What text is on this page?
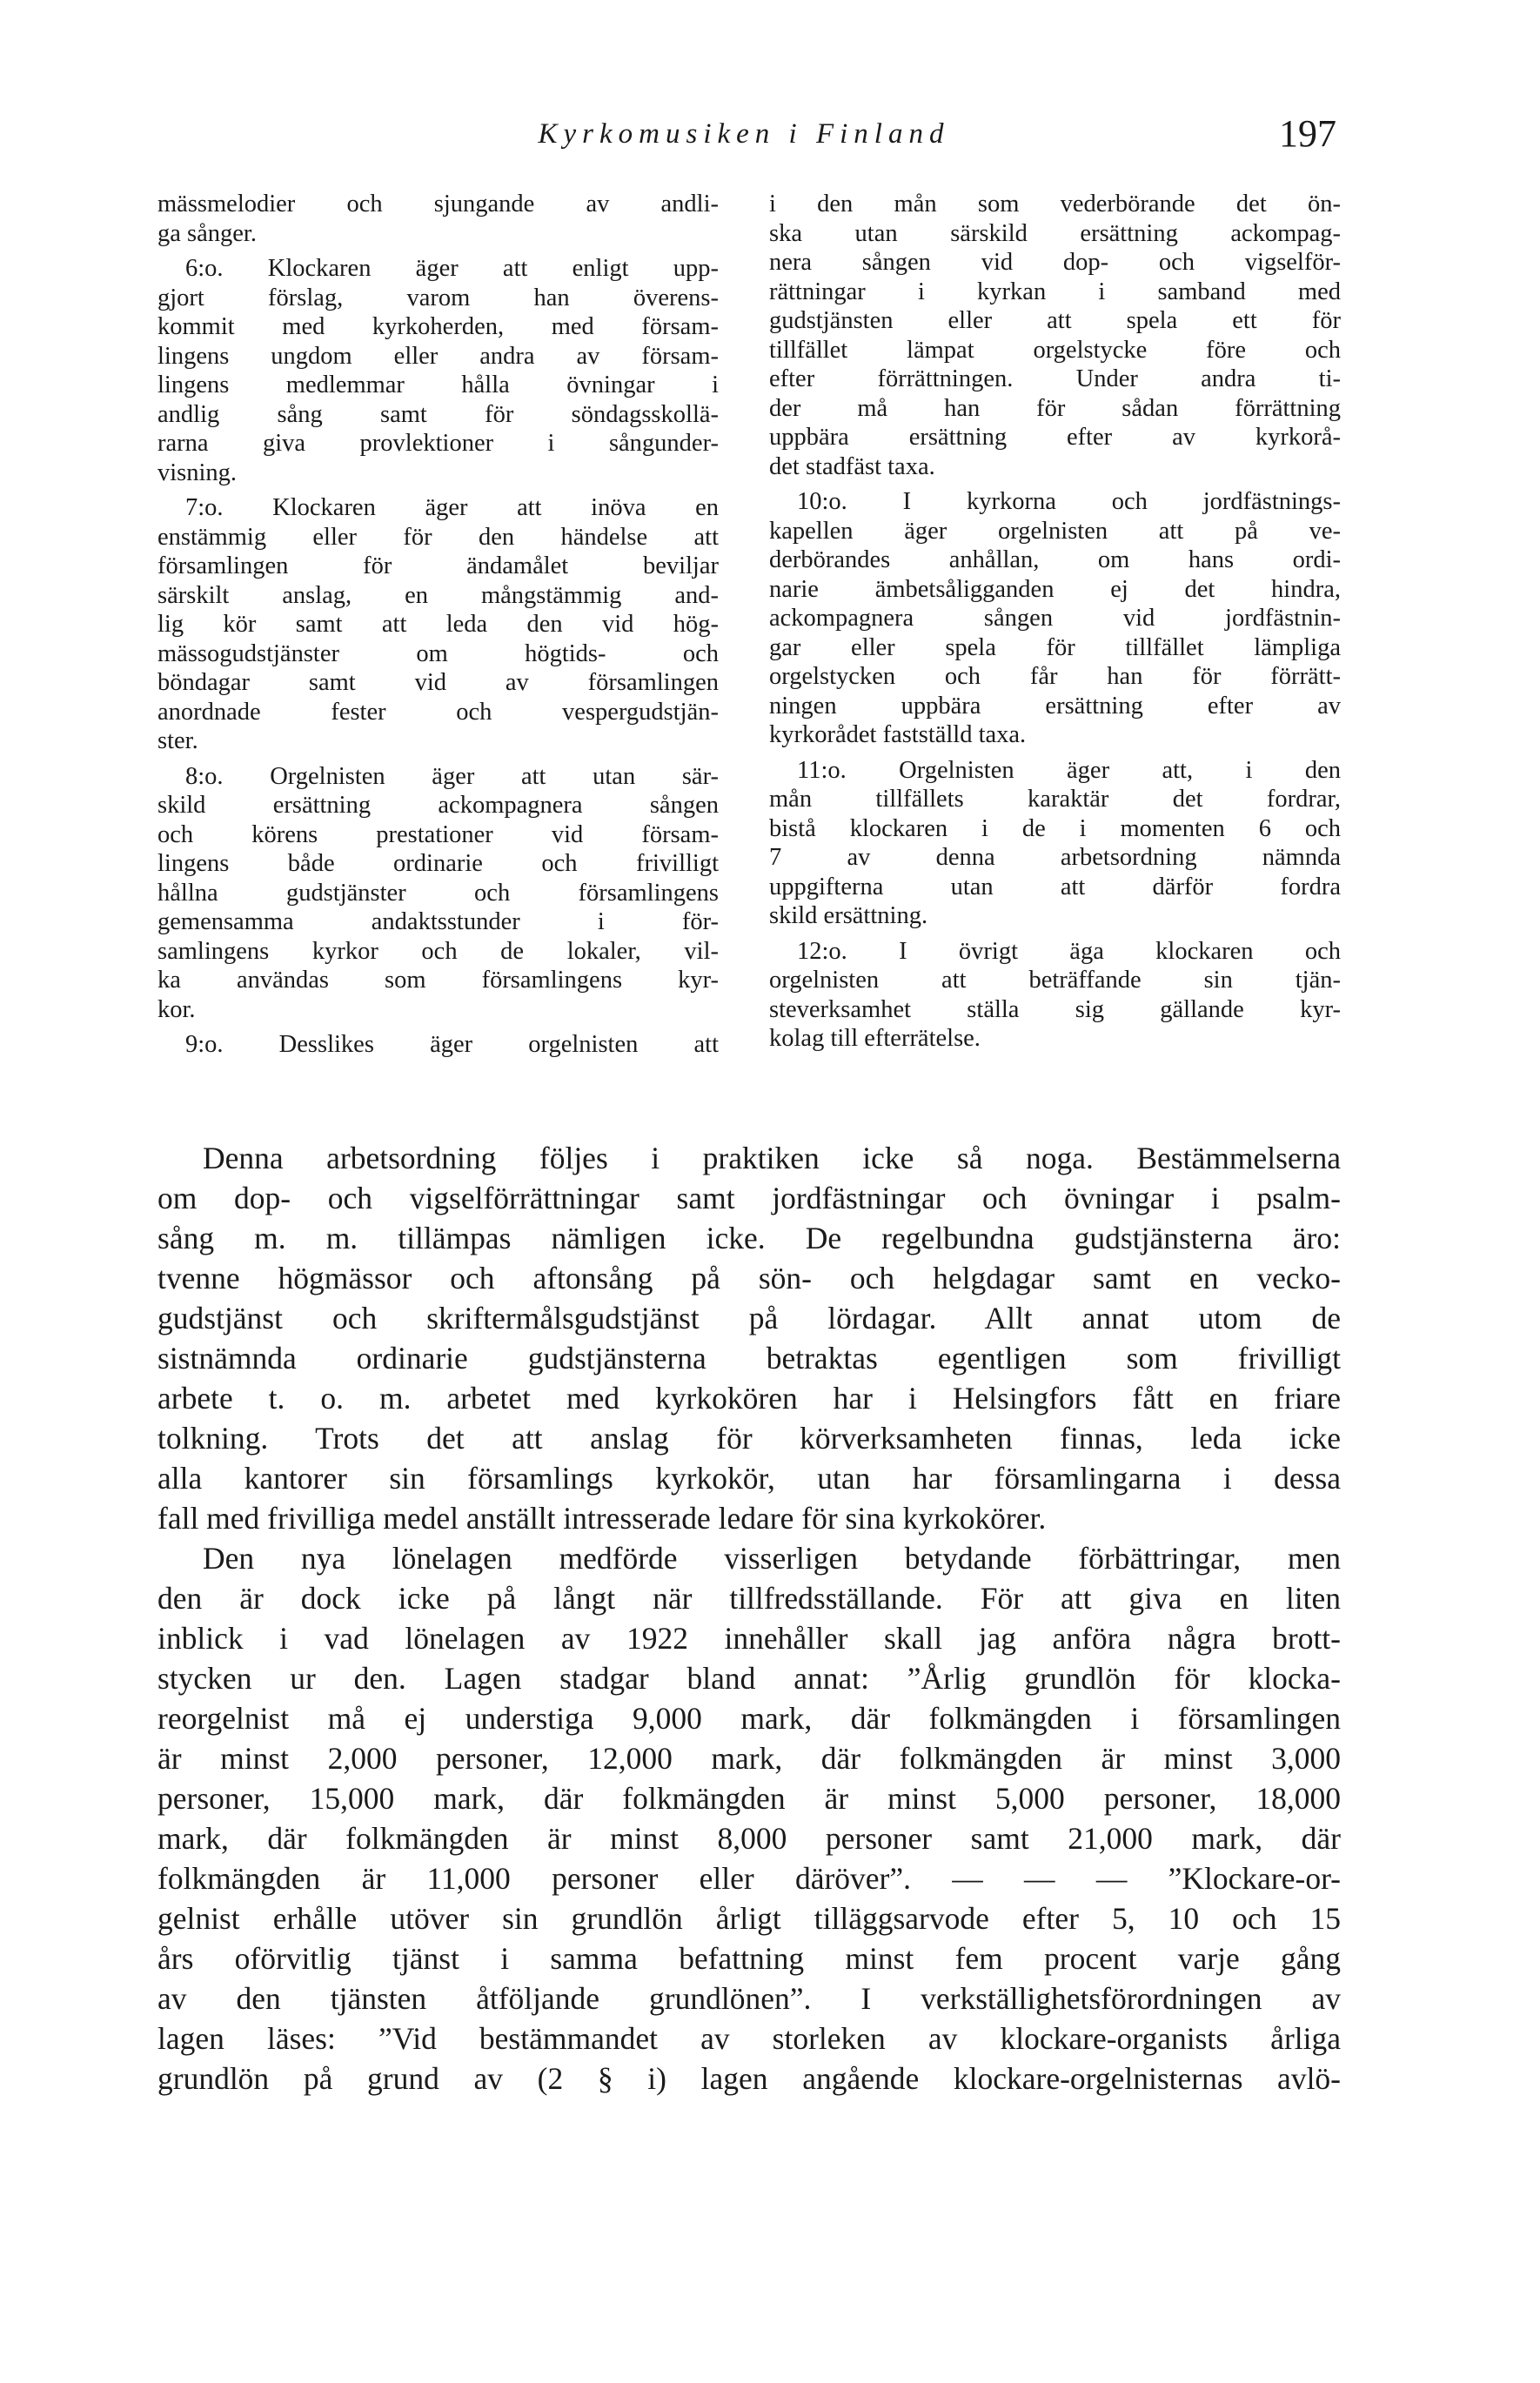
Kyrkomusiken i Finland	197
mässmelodier och sjungande av andli-
ga sånger.
6:o. Klockaren äger att enligt upp-
gjort förslag, varom han överens-
kommit med kyrkoherden, med försam-
lingens ungdom eller andra av försam-
lingens medlemmar hålla övningar i
andlig sång samt för söndagsskollä-
rarna giva provlektioner i sångunder-
visning.
7:o. Klockaren äger att inöva en
enstämmig eller för den händelse att
församlingen för ändamålet beviljar
särskilt anslag, en mångstämmig and-
lig kör samt att leda den vid hög-
mässogudstjänster om högtids- och
böndagar samt vid av församlingen
anordnade fester och vespergudstjän-
ster.
8:o. Orgelnisten äger att utan sär-
skild ersättning ackompagnera sången
och körens prestationer vid försam-
lingens både ordinarie och frivilligt
hållna gudstjänster och församlingens
gemensamma andaktsstunder i för-
samlingens kyrkor och de lokaler, vil-
ka användas som församlingens kyr-
kor.
9:o. Desslikes äger orgelnisten att
i den mån som vederbörande det ön-
ska utan särskild ersättning ackompag-
nera sången vid dop- och vigselför-
rättningar i kyrkan i samband med
gudstjänsten eller att spela ett för
tillfället lämpat orgelstycke före och
efter förrättningen. Under andra ti-
der må han för sådan förrättning
uppbära ersättning efter av kyrkorå-
det stadfäst taxa.
10:o. I kyrkorna och jordfästnings-
kapellen äger orgelnisten att på ve-
derbörandes anhållan, om hans ordi-
narie ämbetsåligganden ej det hindra,
ackompagnera sången vid jordfästnin-
gar eller spela för tillfället lämpliga
orgelstycken och får han för förrätt-
ningen uppbära ersättning efter av
kyrkorådet fastställd taxa.
11:o. Orgelnisten äger att, i den
mån tillfällets karaktär det fordrar,
bistå klockaren i de i momenten 6 och
7 av denna arbetsordning nämnda
uppgifterna utan att därför fordra
skild ersättning.
12:o. I övrigt äga klockaren och
orgelnisten att beträffande sin tjän-
steverksamhet ställa sig gällande kyr-
kolag till efterrätelse.
Denna arbetsordning följes i praktiken icke så noga. Bestämmelserna
om dop- och vigselförrättningar samt jordfästningar och övningar i psalm-
sång m. m. tillämpas nämligen icke. De regelbundna gudstjänsterna äro:
tvenne högmässor och aftonsång på sön- och helgdagar samt en vecko-
gudstjänst och skriftermålsgudstjänst på lördagar. Allt annat utom de
sistnämnda ordinarie gudstjänsterna betraktas egentligen som frivilligt
arbete t. o. m. arbetet med kyrkokören har i Helsingfors fått en friare
tolkning. Trots det att anslag för körverksamheten finnas, leda icke
alla kantorer sin församlings kyrkokör, utan har församlingarna i dessa
fall med frivilliga medel anställt intresserade ledare för sina kyrkokörer.
Den nya lönelagen medförde visserligen betydande förbättringar, men
den är dock icke på långt när tillfredsställande. För att giva en liten
inblick i vad lönelagen av 1922 innehåller skall jag anföra några brott-
stycken ur den. Lagen stadgar bland annat: ”Årlig grundlön för klocka-
reorgelnist må ej understiga 9,000 mark, där folkmängden i församlingen
är minst 2,000 personer, 12,000 mark, där folkmängden är minst 3,000
personer, 15,000 mark, där folkmängden är minst 5,000 personer, 18,000
mark, där folkmängden är minst 8,000 personer samt 21,000 mark, där
folkmängden är 11,000 personer eller däröver”. — — — ”Klockare-or-
gelnist erhålle utöver sin grundlön årligt tilläggsarvode efter 5, 10 och 15
års oförvitlig tjänst i samma befattning minst fem procent varje gång
av den tjänsten åtföljande grundlönen”. I verkställighetsförordningen av
lagen läses: ”Vid bestämmandet av storleken av klockare-organists årliga
grundlön på grund av (2 § i) lagen angående klockare-orgelnisternas avlö-
